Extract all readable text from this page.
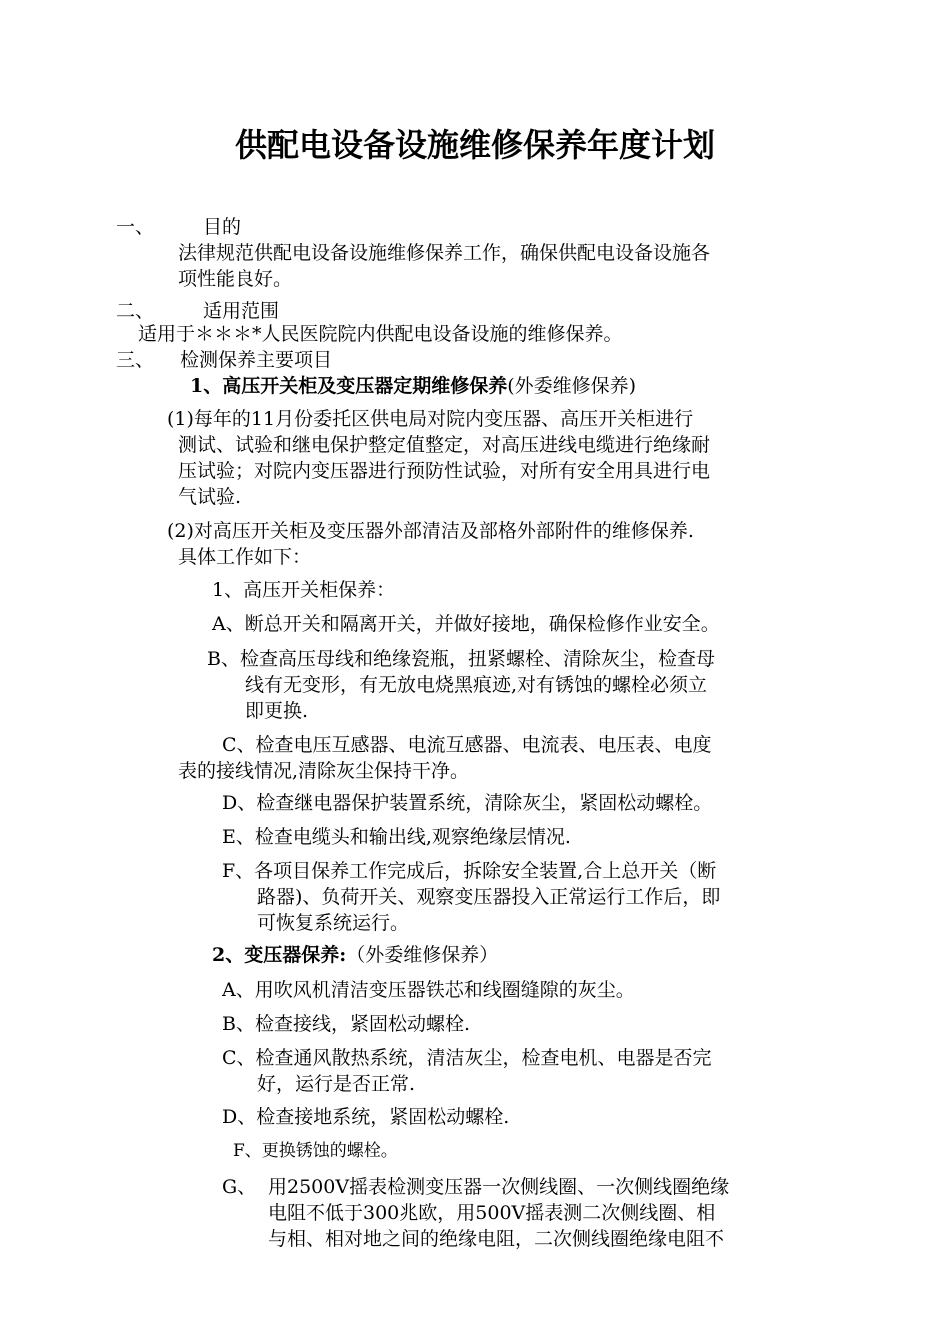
供配电设备设施维修保养年度计划
一、	目的
法律规范供配电设备设施维修保养工作，确保供配电设备设施各
项性能良好。
二、	适用范围
适用于＊＊＊*人民医院院内供配电设备设施的维修保养。
三、 检测保养主要项目
1、高压开关柜及变压器定期维修保养(外委维修保养)
(1)每年的11月份委托区供电局对院内变压器、高压开关柜进行
测试、试验和继电保护整定值整定，对高压进线电缆进行绝缘耐
压试验；对院内变压器进行预防性试验，对所有安全用具进行电
气试验.
(2)对高压开关柜及变压器外部清洁及部格外部附件的维修保养.
具体工作如下：
1、高压开关柜保养：
A、断总开关和隔离开关，并做好接地，确保检修作业安全。
B、检查高压母线和绝缘瓷瓶，扭紧螺栓、清除灰尘，检查母
线有无变形，有无放电烧黑痕迹,对有锈蚀的螺栓必须立
即更换.
C、检查电压互感器、电流互感器、电流表、电压表、电度
表的接线情况,清除灰尘保持干净。
D、检查继电器保护装置系统，清除灰尘，紧固松动螺栓。
E、检查电缆头和输出线,观察绝缘层情况.
F、各项目保养工作完成后，拆除安全装置,合上总开关（断
路器)、负荷开关、观察变压器投入正常运行工作后，即
可恢复系统运行。
2、变压器保养:（外委维修保养）
A、用吹风机清洁变压器铁芯和线圈缝隙的灰尘。
B、检查接线，紧固松动螺栓.
C、检查通风散热系统，清洁灰尘，检查电机、电器是否完
好，运行是否正常.
D、检查接地系统，紧固松动螺栓.
F、更换锈蚀的螺栓。
G、 用2500V摇表检测变压器一次侧线圈、一次侧线圈绝缘
电阻不低于300兆欧，用500V摇表测二次侧线圈、相
与相、相对地之间的绝缘电阻，二次侧线圈绝缘电阻不
